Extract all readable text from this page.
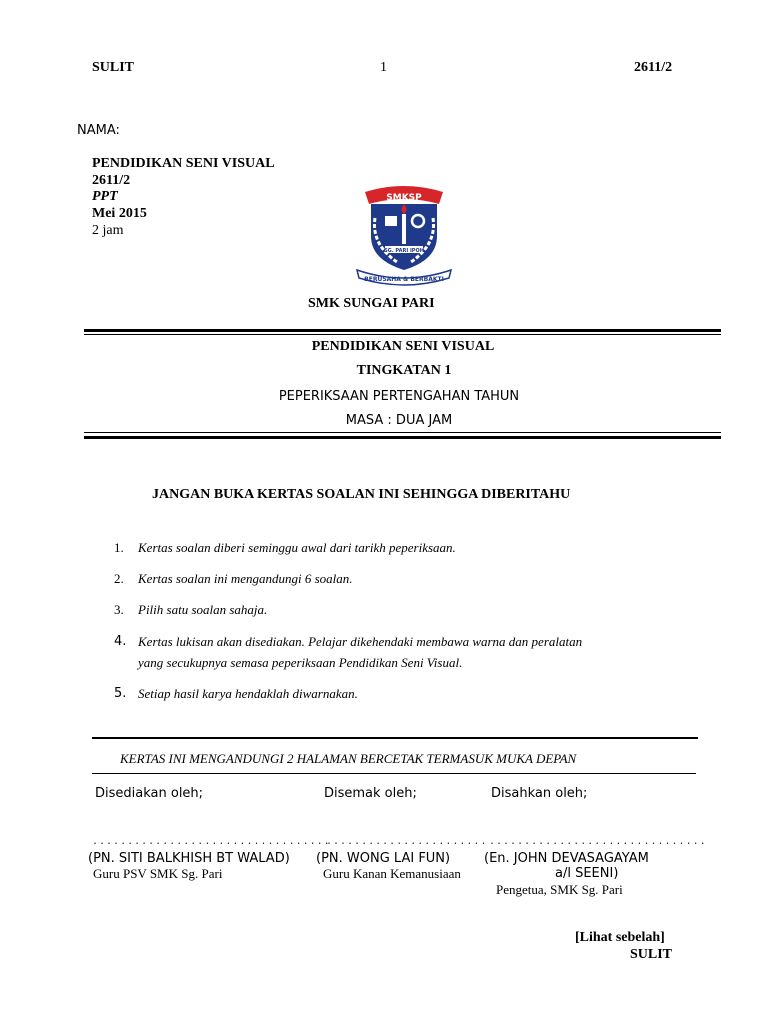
SULIT	1	2611/2
NAMA:
PENDIDIKAN SENI VISUAL
2611/2
PPT
Mei 2015
2 jam
SMKSP
SG. PARI IPOH
BERUSAHA & BERBAKTI
SMK SUNGAI PARI
PENDIDIKAN SENI VISUAL
TINGKATAN 1
PEPERIKSAAN PERTENGAHAN TAHUN
MASA : DUA JAM
JANGAN BUKA KERTAS SOALAN INI SEHINGGA DIBERITAHU
1. Kertas soalan diberi seminggu awal dari tarikh peperiksaan.
2. Kertas soalan ini mengandungi 6 soalan.
3. Pilih satu soalan sahaja.
4. Kertas lukisan akan disediakan. Pelajar dikehendaki membawa warna dan peralatan
yang secukupnya semasa peperiksaan Pendidikan Seni Visual.
5. Setiap hasil karya hendaklah diwarnakan.
KERTAS INI MENGANDUNGI 2 HALAMAN BERCETAK TERMASUK MUKA DEPAN
Disediakan oleh;	Disemak oleh;	Disahkan oleh;
..................................
....................... ...............................
(PN. SITI BALKHISH BT WALAD)
Guru PSV SMK Sg. Pari
(PN. WONG LAI FUN)
Guru Kanan Kemanusiaan
(En. JOHN DEVASAGAYAM
a/l SEENI)
Pengetua, SMK Sg. Pari
[Lihat sebelah]
SULIT
